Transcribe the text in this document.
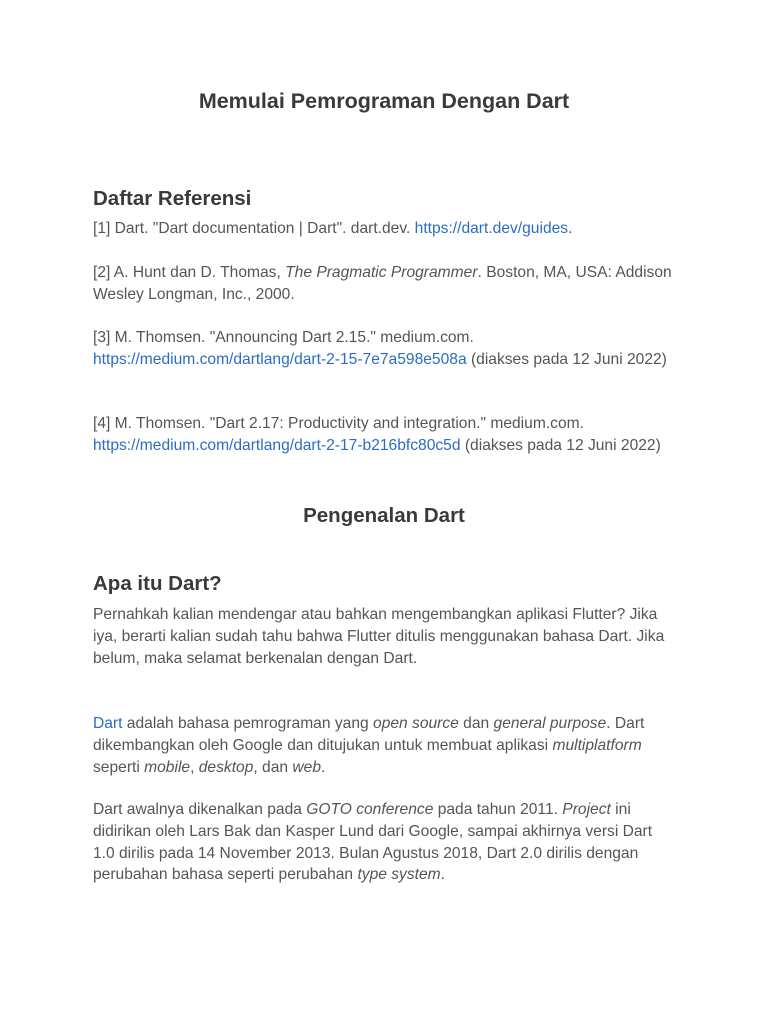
Memulai Pemrograman Dengan Dart
Daftar Referensi

[1] Dart. "Dart documentation | Dart". dart.dev. https://dart.dev/guides.

[2] A. Hunt dan D. Thomas, The Pragmatic Programmer. Boston, MA, USA: Addison Wesley Longman, Inc., 2000.

[3] M. Thomsen. "Announcing Dart 2.15." medium.com. https://medium.com/dartlang/dart-2-15-7e7a598e508a (diakses pada 12 Juni 2022)

[4] M. Thomsen. "Dart 2.17: Productivity and integration." medium.com. https://medium.com/dartlang/dart-2-17-b216bfc80c5d (diakses pada 12 Juni 2022)

Pengenalan Dart
Apa itu Dart?

Pernahkah kalian mendengar atau bahkan mengembangkan aplikasi Flutter? Jika iya, berarti kalian sudah tahu bahwa Flutter ditulis menggunakan bahasa Dart. Jika belum, maka selamat berkenalan dengan Dart.

Dart adalah bahasa pemrograman yang open source dan general purpose. Dart dikembangkan oleh Google dan ditujukan untuk membuat aplikasi multiplatform seperti mobile, desktop, dan web.

Dart awalnya dikenalkan pada GOTO conference pada tahun 2011. Project ini didirikan oleh Lars Bak dan Kasper Lund dari Google, sampai akhirnya versi Dart 1.0 dirilis pada 14 November 2013. Bulan Agustus 2018, Dart 2.0 dirilis dengan perubahan bahasa seperti perubahan type system.
